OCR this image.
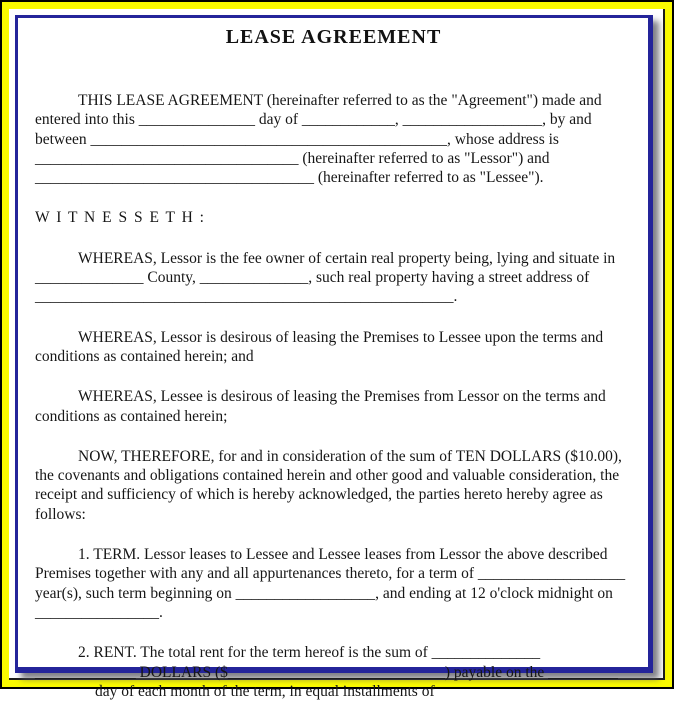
LEASE AGREEMENT
THIS LEASE AGREEMENT (hereinafter referred to as the "Agreement") made and
entered into this _______________ day of ____________, __________________, by and
between ______________________________________________, whose address is
__________________________________ (hereinafter referred to as "Lessor") and
____________________________________ (hereinafter referred to as "Lessee").
W I T N E S S E T H :
WHEREAS, Lessor is the fee owner of certain real property being, lying and situate in
______________ County, ______________, such real property having a street address of
______________________________________________________.
WHEREAS, Lessor is desirous of leasing the Premises to Lessee upon the terms and
conditions as contained herein; and
WHEREAS, Lessee is desirous of leasing the Premises from Lessor on the terms and
conditions as contained herein;
NOW, THEREFORE, for and in consideration of the sum of TEN DOLLARS ($10.00),
the covenants and obligations contained herein and other good and valuable consideration, the
receipt and sufficiency of which is hereby acknowledged, the parties hereto hereby agree as
follows:
1. TERM. Lessor leases to Lessee and Lessee leases from Lessor the above described
Premises together with any and all appurtenances thereto, for a term of ___________________
year(s), such term beginning on __________________, and ending at 12 o'clock midnight on
________________.
2. RENT. The total rent for the term hereof is the sum of ______________
_____________ DOLLARS ($____________________________) payable on the _________
day of each month of the term, in equal installments of
